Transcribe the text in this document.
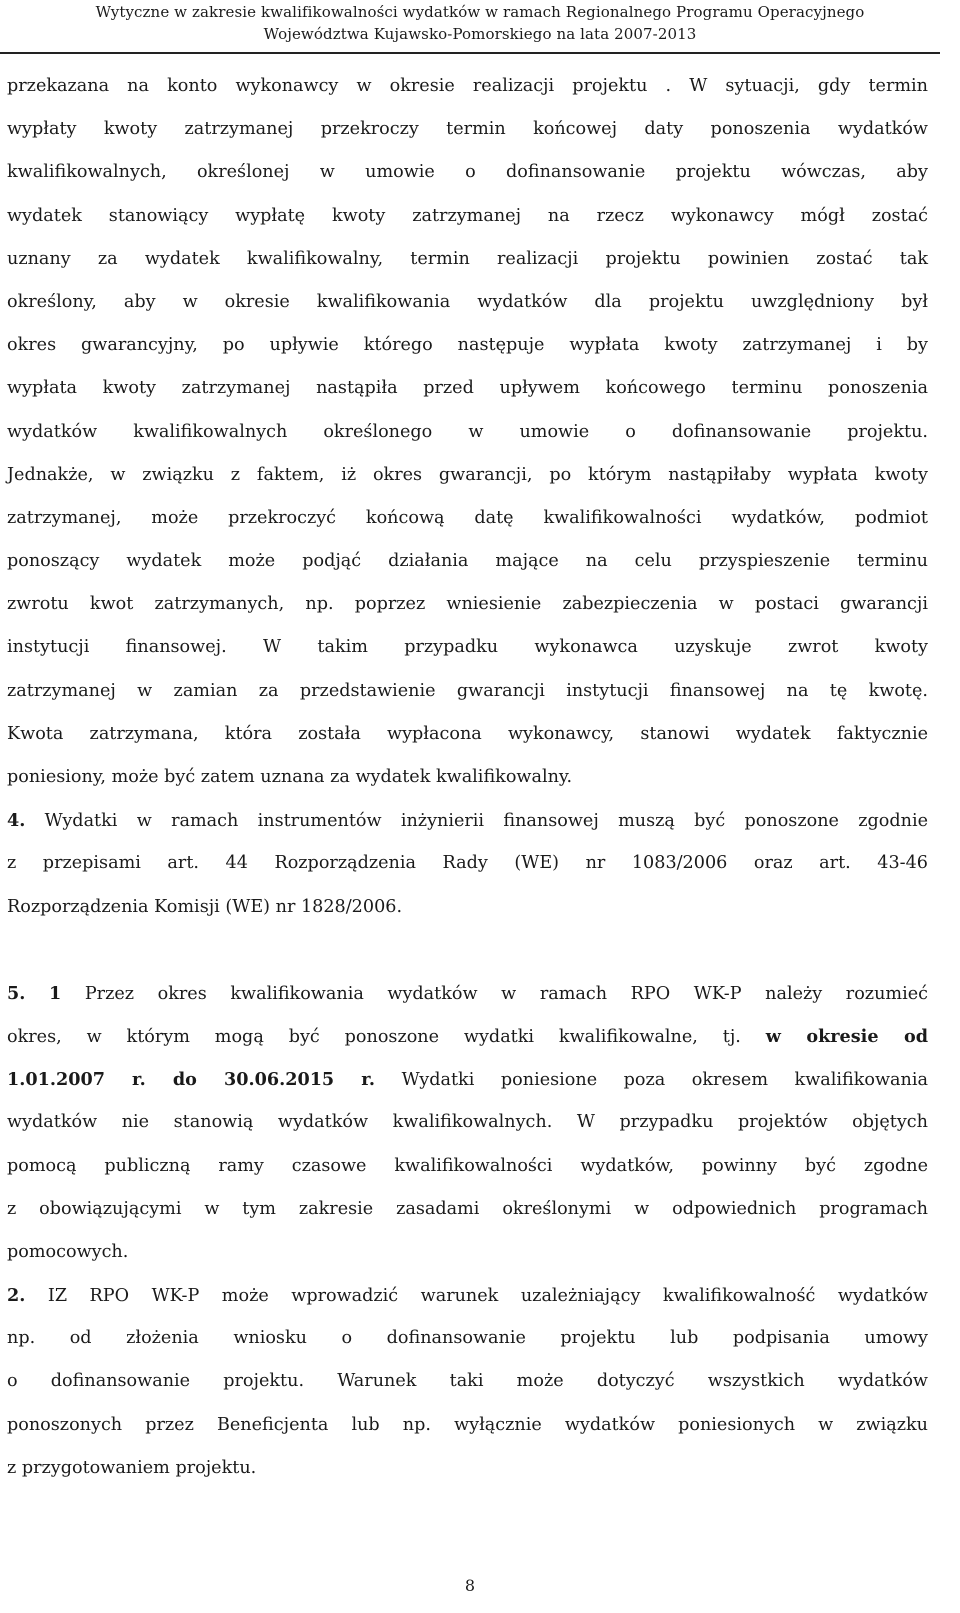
Wytyczne w zakresie kwalifikowalności wydatków w ramach Regionalnego Programu Operacyjnego
Województwa Kujawsko-Pomorskiego na lata 2007-2013
przekazana na konto wykonawcy w okresie realizacji projektu . W sytuacji, gdy termin
wypłaty kwoty zatrzymanej przekroczy termin końcowej daty ponoszenia wydatków
kwalifikowalnych, określonej w umowie o dofinansowanie projektu wówczas, aby
wydatek stanowiący wypłatę kwoty zatrzymanej na rzecz wykonawcy mógł zostać
uznany za wydatek kwalifikowalny, termin realizacji projektu powinien zostać tak
określony, aby w okresie kwalifikowania wydatków dla projektu uwzględniony był
okres gwarancyjny, po upływie którego następuje wypłata kwoty zatrzymanej i by
wypłata kwoty zatrzymanej nastąpiła przed upływem końcowego terminu ponoszenia
wydatków kwalifikowalnych określonego w umowie o dofinansowanie projektu.
Jednakże, w związku z faktem, iż okres gwarancji, po którym nastąpiłaby wypłata kwoty
zatrzymanej, może przekroczyć końcową datę kwalifikowalności wydatków, podmiot
ponoszący wydatek może podjąć działania mające na celu przyspieszenie terminu
zwrotu kwot zatrzymanych, np. poprzez wniesienie zabezpieczenia w postaci gwarancji
instytucji finansowej. W takim przypadku wykonawca uzyskuje zwrot kwoty
zatrzymanej w zamian za przedstawienie gwarancji instytucji finansowej na tę kwotę.
Kwota zatrzymana, która została wypłacona wykonawcy, stanowi wydatek faktycznie
poniesiony, może być zatem uznana za wydatek kwalifikowalny.
4. Wydatki w ramach instrumentów inżynierii finansowej muszą być ponoszone zgodnie
z przepisami art. 44 Rozporządzenia Rady (WE) nr 1083/2006 oraz art. 43-46
Rozporządzenia Komisji (WE) nr 1828/2006.
5. 1 Przez okres kwalifikowania wydatków w ramach RPO WK-P należy rozumieć
okres, w którym mogą być ponoszone wydatki kwalifikowalne, tj. w okresie od
1.01.2007 r. do 30.06.2015 r. Wydatki poniesione poza okresem kwalifikowania
wydatków nie stanowią wydatków kwalifikowalnych. W przypadku projektów objętych
pomocą publiczną ramy czasowe kwalifikowalności wydatków, powinny być zgodne
z obowiązującymi w tym zakresie zasadami określonymi w odpowiednich programach
pomocowych.
2. IZ RPO WK-P może wprowadzić warunek uzależniający kwalifikowalność wydatków
np. od złożenia wniosku o dofinansowanie projektu lub podpisania umowy
o dofinansowanie projektu. Warunek taki może dotyczyć wszystkich wydatków
ponoszonych przez Beneficjenta lub np. wyłącznie wydatków poniesionych w związku
z przygotowaniem projektu.
8
